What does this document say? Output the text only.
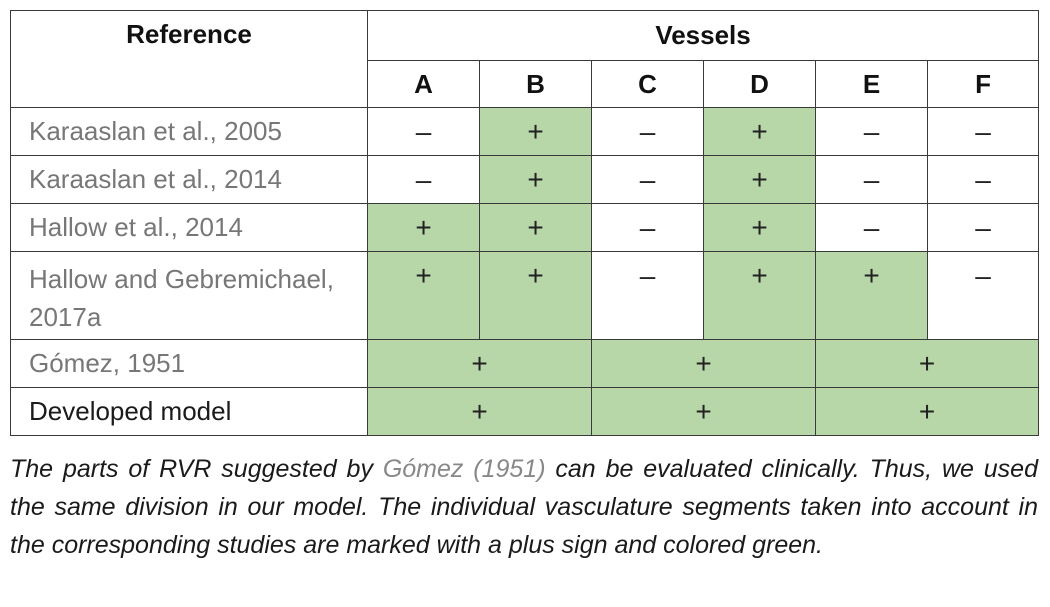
Reference	Vessels					
	A	B	C	D	E	F
Karaaslan et al., 2005	–	+	–	+	–	–
Karaaslan et al., 2014	–	+	–	+	–	–
Hallow et al., 2014	+	+	–	+	–	–
Hallow and Gebremichael, 2017a	+	+	–	+	+	–
Gómez, 1951	+		+		+	
Developed model	+		+		+	
The parts of RVR suggested by Gómez (1951) can be evaluated clinically. Thus, we used the same division in our model. The individual vasculature segments taken into account in the corresponding studies are marked with a plus sign and colored green.
